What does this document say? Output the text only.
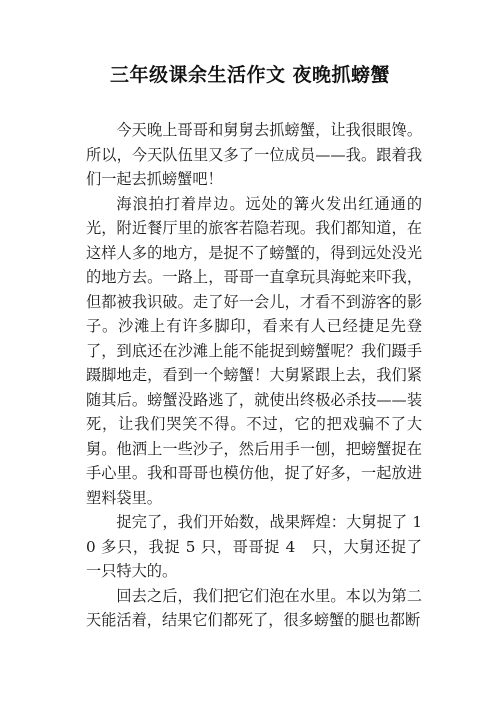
三年级课余生活作文 夜晚抓螃蟹

今天晚上哥哥和舅舅去抓螃蟹，让我很眼馋。所以，今天队伍里又多了一位成员——我。跟着我们一起去抓螃蟹吧！

海浪拍打着岸边。远处的篝火发出红通通的光，附近餐厅里的旅客若隐若现。我们都知道，在这样人多的地方，是捉不了螃蟹的，得到远处没光的地方去。一路上，哥哥一直拿玩具海蛇来吓我，但都被我识破。走了好一会儿，才看不到游客的影子。沙滩上有许多脚印，看来有人已经捷足先登了，到底还在沙滩上能不能捉到螃蟹呢？我们蹑手蹑脚地走，看到一个螃蟹！大舅紧跟上去，我们紧随其后。螃蟹没路逃了，就使出终极必杀技——装死，让我们哭笑不得。不过，它的把戏骗不了大舅。他洒上一些沙子，然后用手一刨，把螃蟹捉在手心里。我和哥哥也模仿他，捉了好多，一起放进塑料袋里。

捉完了，我们开始数，战果辉煌：大舅捉了 10 多只，我捉 5 只，哥哥捉 4　只，大舅还捉了一只特大的。

回去之后，我们把它们泡在水里。本以为第二天能活着，结果它们都死了，很多螃蟹的腿也都断
